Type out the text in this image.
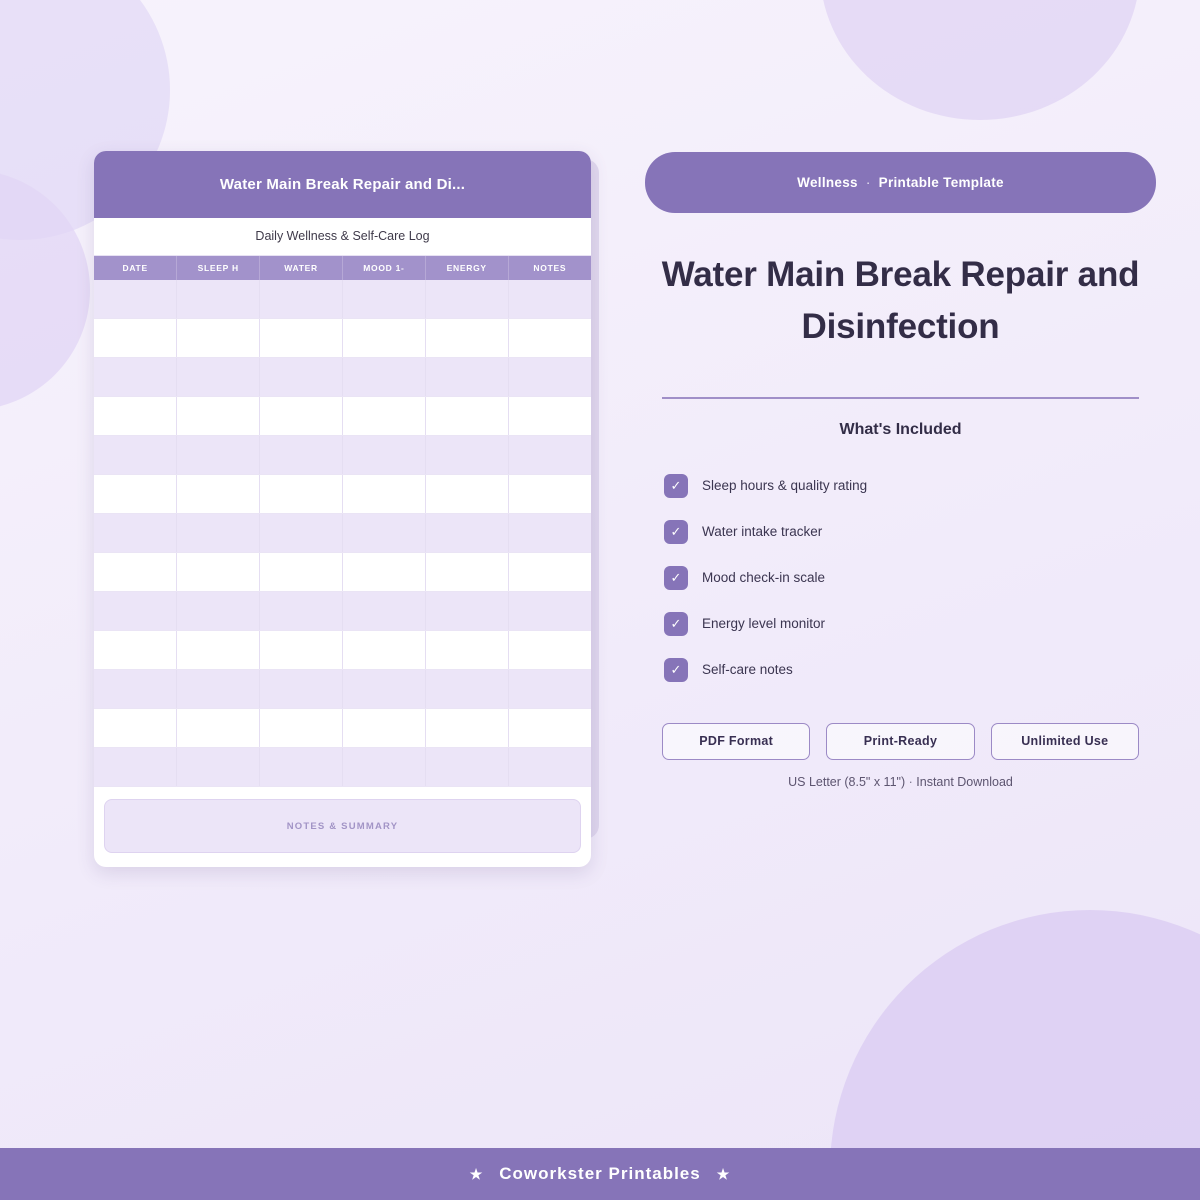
Water Main Break Repair and Di...
Daily Wellness & Self-Care Log
DATE	SLEEP H	WATER	MOOD 1-	ENERGY	NOTES

NOTES & SUMMARY
Wellness · Printable Template
Water Main Break Repair and Disinfection
What's Included
✓	Sleep hours & quality rating
✓	Water intake tracker
✓	Mood check-in scale
✓	Energy level monitor
✓	Self-care notes
PDF Format	Print-Ready	Unlimited Use
US Letter (8.5" x 11") · Instant Download
★ Coworkster Printables ★
